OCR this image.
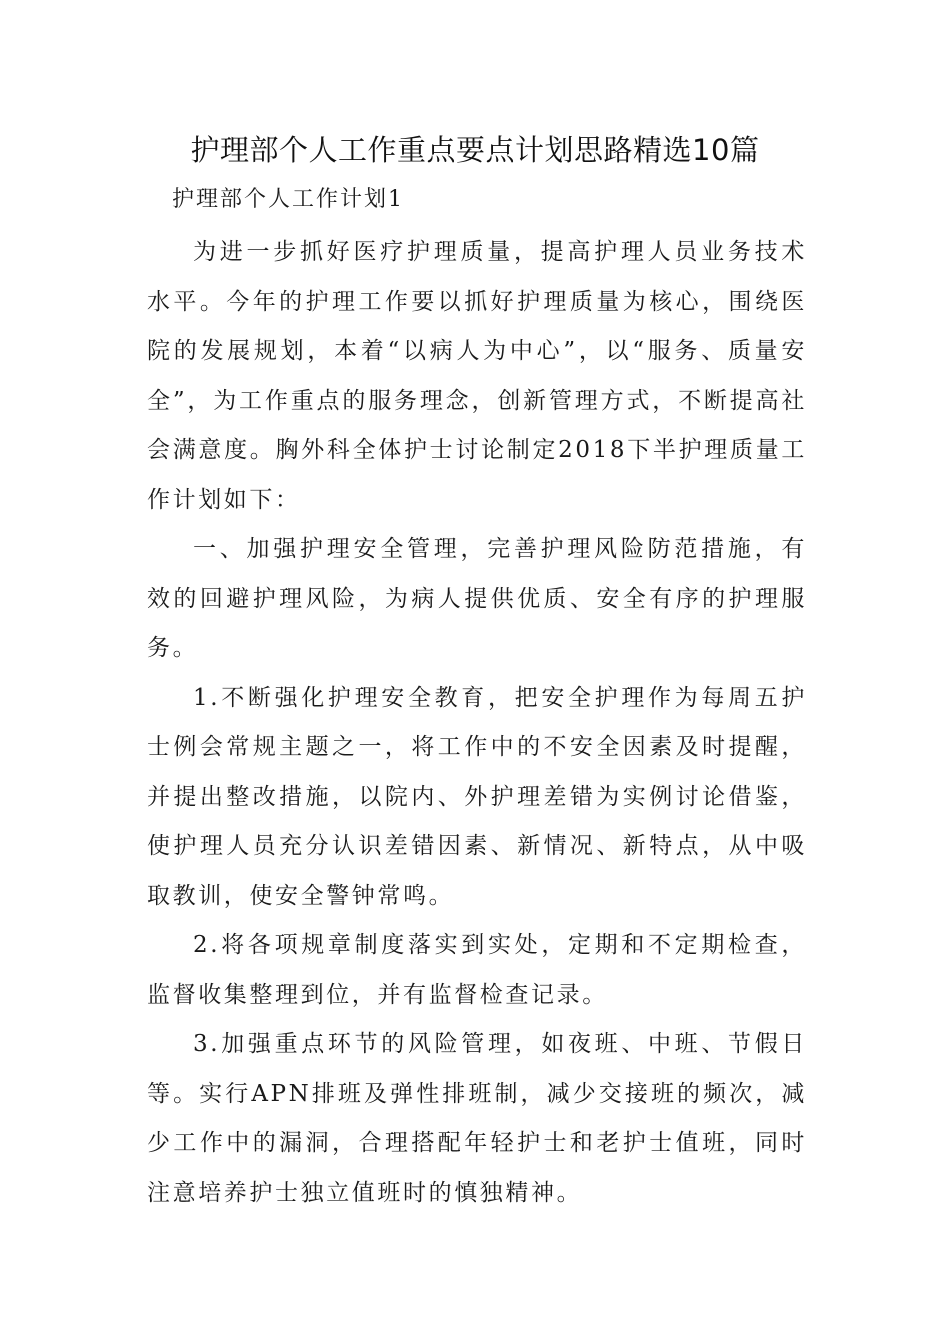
护理部个人工作重点要点计划思路精选10篇
护理部个人工作计划1

为进一步抓好医疗护理质量，提高护理人员业务技术水平。今年的护理工作要以抓好护理质量为核心，围绕医院的发展规划，本着“以病人为中心”，以“服务、质量安全”，为工作重点的服务理念，创新管理方式，不断提高社会满意度。胸外科全体护士讨论制定2018下半护理质量工作计划如下：

一、加强护理安全管理，完善护理风险防范措施，有效的回避护理风险，为病人提供优质、安全有序的护理服务。

1.不断强化护理安全教育，把安全护理作为每周五护士例会常规主题之一，将工作中的不安全因素及时提醒，并提出整改措施，以院内、外护理差错为实例讨论借鉴，使护理人员充分认识差错因素、新情况、新特点，从中吸取教训，使安全警钟常鸣。

2.将各项规章制度落实到实处，定期和不定期检查，监督收集整理到位，并有监督检查记录。

3.加强重点环节的风险管理，如夜班、中班、节假日等。实行APN排班及弹性排班制，减少交接班的频次，减少工作中的漏洞，合理搭配年轻护士和老护士值班，同时注意培养护士独立值班时的慎独精神。
